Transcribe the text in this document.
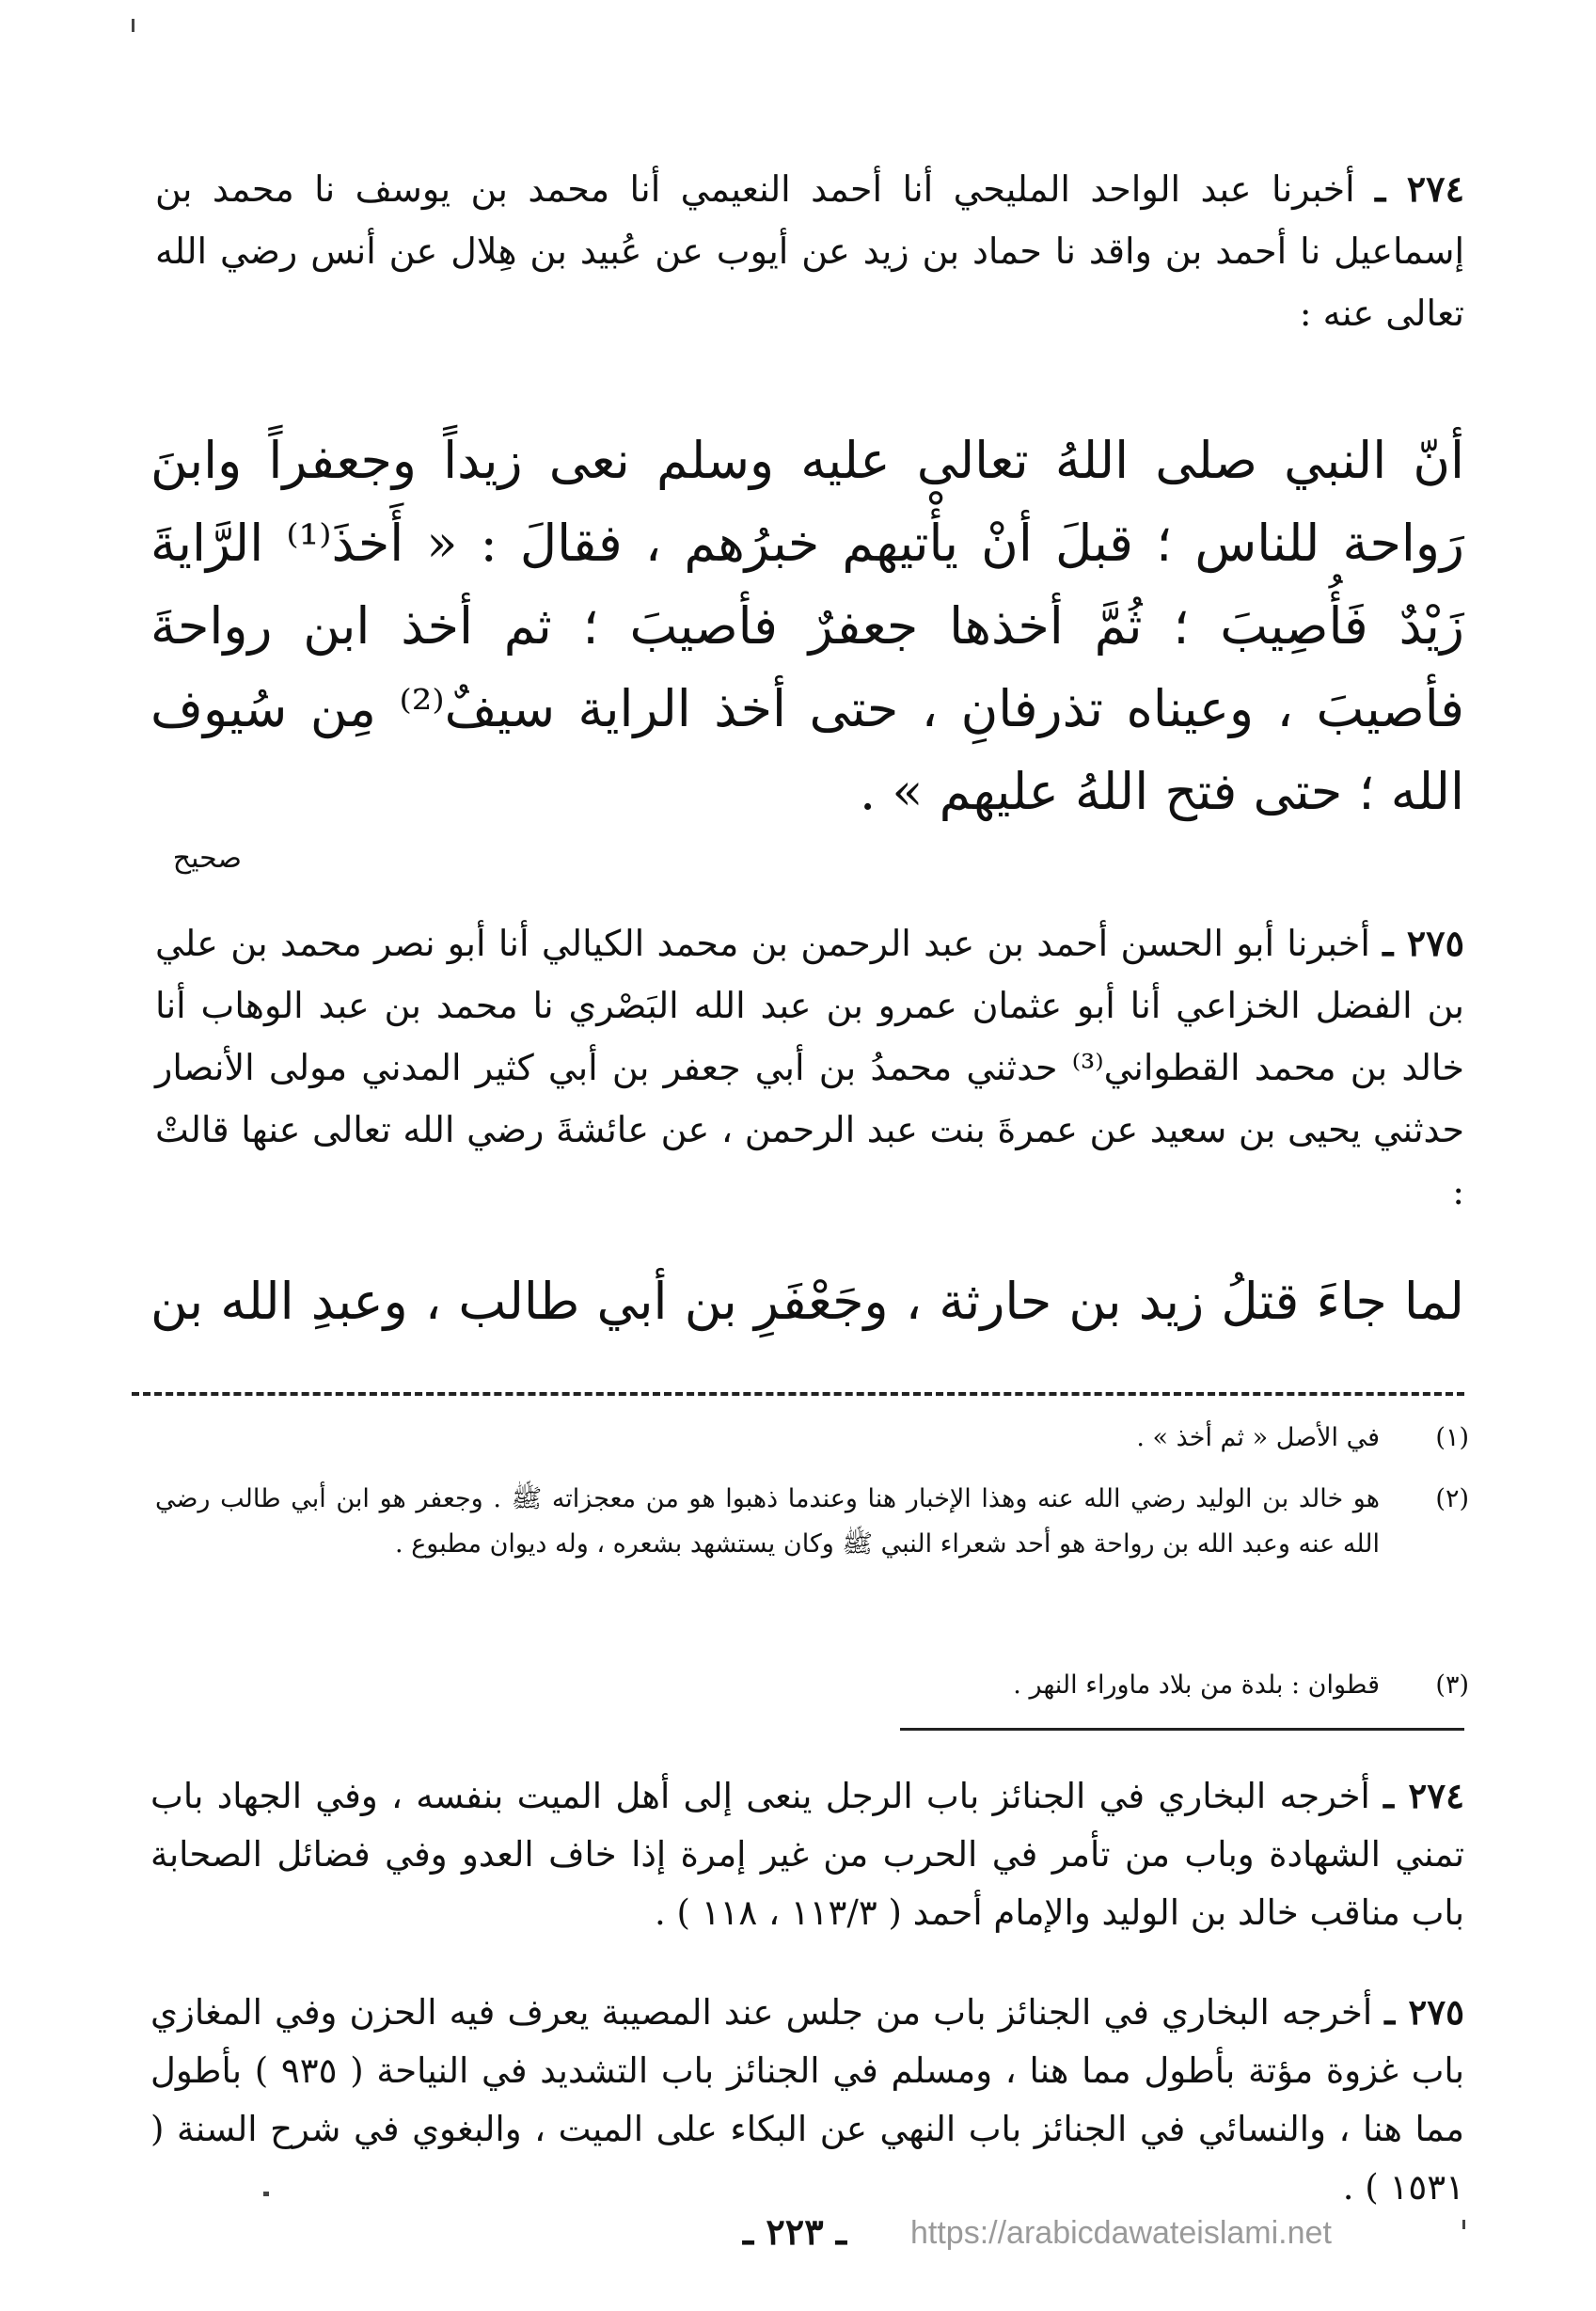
٢٧٤ ـ أخبرنا عبد الواحد المليحي أنا أحمد النعيمي أنا محمد بن يوسف نا محمد بن إسماعيل نا أحمد بن واقد نا حماد بن زيد عن أيوب عن عُبيد بن هِلال عن أنس رضي الله تعالى عنه :
أنّ النبي صلى اللهُ تعالى عليه وسلم نعى زيداً وجعفراً وابنَ رَواحة للناس ؛ قبلَ أنْ يأْتيهم خبرُهم ، فقالَ : « أَخذَ⁽¹⁾ الرَّايةَ زَيْدٌ فَأُصِيبَ ؛ ثُمَّ أخذها جعفرٌ فأصيبَ ؛ ثم أخذ ابن رواحةَ فأصيبَ ، وعيناه تذرفانِ ، حتى أخذ الراية سيفٌ⁽²⁾ مِن سُيوف الله ؛ حتى فتح اللهُ عليهم » .
صحيح
٢٧٥ ـ أخبرنا أبو الحسن أحمد بن عبد الرحمن بن محمد الكيالي أنا أبو نصر محمد بن علي بن الفضل الخزاعي أنا أبو عثمان عمرو بن عبد الله البَصْري نا محمد بن عبد الوهاب أنا خالد بن محمد القطواني⁽³⁾ حدثني محمدُ بن أبي جعفر بن أبي كثير المدني مولى الأنصار حدثني يحيى بن سعيد عن عمرةَ بنت عبد الرحمن ، عن عائشةَ رضي الله تعالى عنها قالتْ :
لما جاءَ قتلُ زيد بن حارثة ، وجَعْفَرِ بن أبي طالب ، وعبدِ الله بن
(١)
في الأصل « ثم أخذ » .
(٢)
هو خالد بن الوليد رضي الله عنه وهذا الإخبار هنا وعندما ذهبوا هو من معجزاته ﷺ . وجعفر هو ابن أبي طالب رضي الله عنه وعبد الله بن رواحة هو أحد شعراء النبي ﷺ وكان يستشهد بشعره ، وله ديوان مطبوع .
(٣)
قطوان : بلدة من بلاد ماوراء النهر .
٢٧٤ ـ أخرجه البخاري في الجنائز باب الرجل ينعى إلى أهل الميت بنفسه ، وفي الجهاد باب تمني الشهادة وباب من تأمر في الحرب من غير إمرة إذا خاف العدو وفي فضائل الصحابة باب مناقب خالد بن الوليد والإمام أحمد ( ١١٣/٣ ، ١١٨ ) .
٢٧٥ ـ أخرجه البخاري في الجنائز باب من جلس عند المصيبة يعرف فيه الحزن وفي المغازي باب غزوة مؤتة بأطول مما هنا ، ومسلم في الجنائز باب التشديد في النياحة ( ٩٣٥ ) بأطول مما هنا ، والنسائي في الجنائز باب النهي عن البكاء على الميت ، والبغوي في شرح السنة ( ١٥٣١ ) .
ـ ٢٢٣ ـ https://arabicdawateislami.net
